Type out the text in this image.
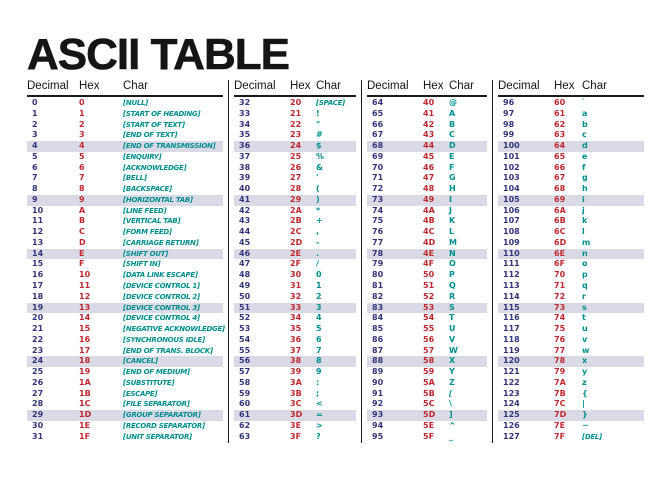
ASCII TABLE
Decimal Hex	Char
0	0	[NULL]
1	1	[START OF HEADING]
2	2	[START OF TEXT]
3	3	[END OF TEXT]
4	4	[END OF TRANSMISSION]
5	5	[ENQUIRY]
6	6	[ACKNOWLEDGE]
7	7	[BELL]
8	8	[BACKSPACE]
9	9	[HORIZONTAL TAB]
10	A	[LINE FEED]
11	B	[VERTICAL TAB]
12	C	[FORM FEED]
13	D	[CARRIAGE RETURN]
14	E	[SHIFT OUT]
15	F	[SHIFT IN]
16	10	[DATA LINK ESCAPE]
17	11	[DEVICE CONTROL 1]
18	12	[DEVICE CONTROL 2]
19	13	[DEVICE CONTROL 3]
20	14	[DEVICE CONTROL 4]
21	15	[NEGATIVE ACKNOWLEDGE]
22	16	[SYNCHRONOUS IDLE]
23	17	[END OF TRANS. BLOCK]
24	18	[CANCEL]
25	19	[END OF MEDIUM]
26	1A	[SUBSTITUTE]
27	1B	[ESCAPE]
28	1C	[FILE SEPARATOR]
29	1D	[GROUP SEPARATOR]
30	1E	[RECORD SEPARATOR]
31	1F	[UNIT SEPARATOR]
Decimal	Hex Char
32	20	[SPACE]
33	21	!
34	22	"
35	23	#
36	24	$
37	25	%
38	26	&
39	27	'
40	28	(
41	29	)
42	2A	*
43	2B	+
44	2C	,
45	2D	-
46	2E	.
47	2F	/
48	30	0
49	31	1
50	32	2
51	33	3
52	34	4
53	35	5
54	36	6
55	37	7
56	38	8
57	39	9
58	3A	:
59	3B	;
60	3C	<
61	3D	=
62	3E	>
63	3F	?
Decimal	Hex Char
64	40	@
65	41	A
66	42	B
67	43	C
68	44	D
69	45	E
70	46	F
71	47	G
72	48	H
73	49	I
74	4A	J
75	4B	K
76	4C	L
77	4D	M
78	4E	N
79	4F	O
80	50	P
81	51	Q
82	52	R
83	53	S
84	54	T
85	55	U
86	56	V
87	57	W
88	58	X
89	59	Y
90	5A	Z
91	5B	[
92	5C	\
93	5D	]
94	5E	^
95	5F	_
Decimal	Hex Char
96	60	`
97	61	a
98	62	b
99	63	c
100	64	d
101	65	e
102	66	f
103	67	g
104	68	h
105	69	i
106	6A	j
107	6B	k
108	6C	l
109	6D	m
110	6E	n
111	6F	o
112	70	p
113	71	q
114	72	r
115	73	s
116	74	t
117	75	u
118	76	v
119	77	w
120	78	x
121	79	y
122	7A	z
123	7B	{
124	7C	|
125	7D	}
126	7E	~
127	7F	[DEL]
